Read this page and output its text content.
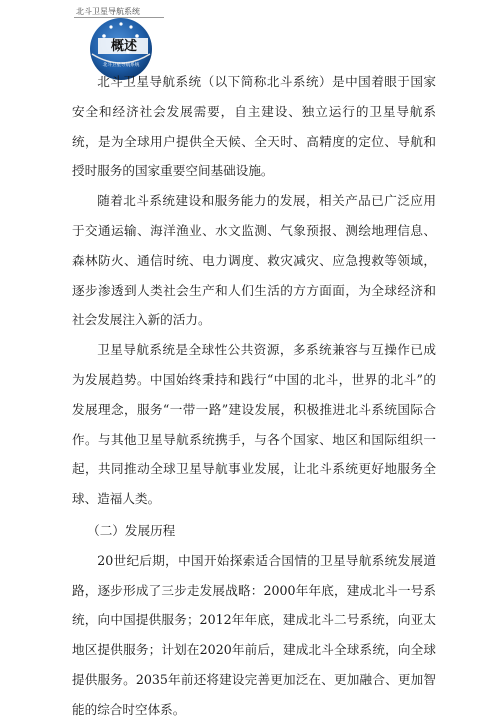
北斗卫星导航系统
北斗卫星导航系统
概述

北斗卫星导航系统（以下简称北斗系统）是中国着眼于国家安全和经济社会发展需要，自主建设、独立运行的卫星导航系统，是为全球用户提供全天候、全天时、高精度的定位、导航和授时服务的国家重要空间基础设施。

随着北斗系统建设和服务能力的发展，相关产品已广泛应用于交通运输、海洋渔业、水文监测、气象预报、测绘地理信息、森林防火、通信时统、电力调度、救灾减灾、应急搜救等领域，逐步渗透到人类社会生产和人们生活的方方面面，为全球经济和社会发展注入新的活力。

卫星导航系统是全球性公共资源，多系统兼容与互操作已成为发展趋势。中国始终秉持和践行“中国的北斗，世界的北斗”的发展理念，服务“一带一路”建设发展，积极推进北斗系统国际合作。与其他卫星导航系统携手，与各个国家、地区和国际组织一起，共同推动全球卫星导航事业发展，让北斗系统更好地服务全球、造福人类。

（二）发展历程

20世纪后期，中国开始探索适合国情的卫星导航系统发展道路，逐步形成了三步走发展战略：2000年年底，建成北斗一号系统，向中国提供服务；2012年年底，建成北斗二号系统，向亚太地区提供服务；计划在2020年前后，建成北斗全球系统，向全球提供服务。2035年前还将建设完善更加泛在、更加融合、更加智能的综合时空体系。
